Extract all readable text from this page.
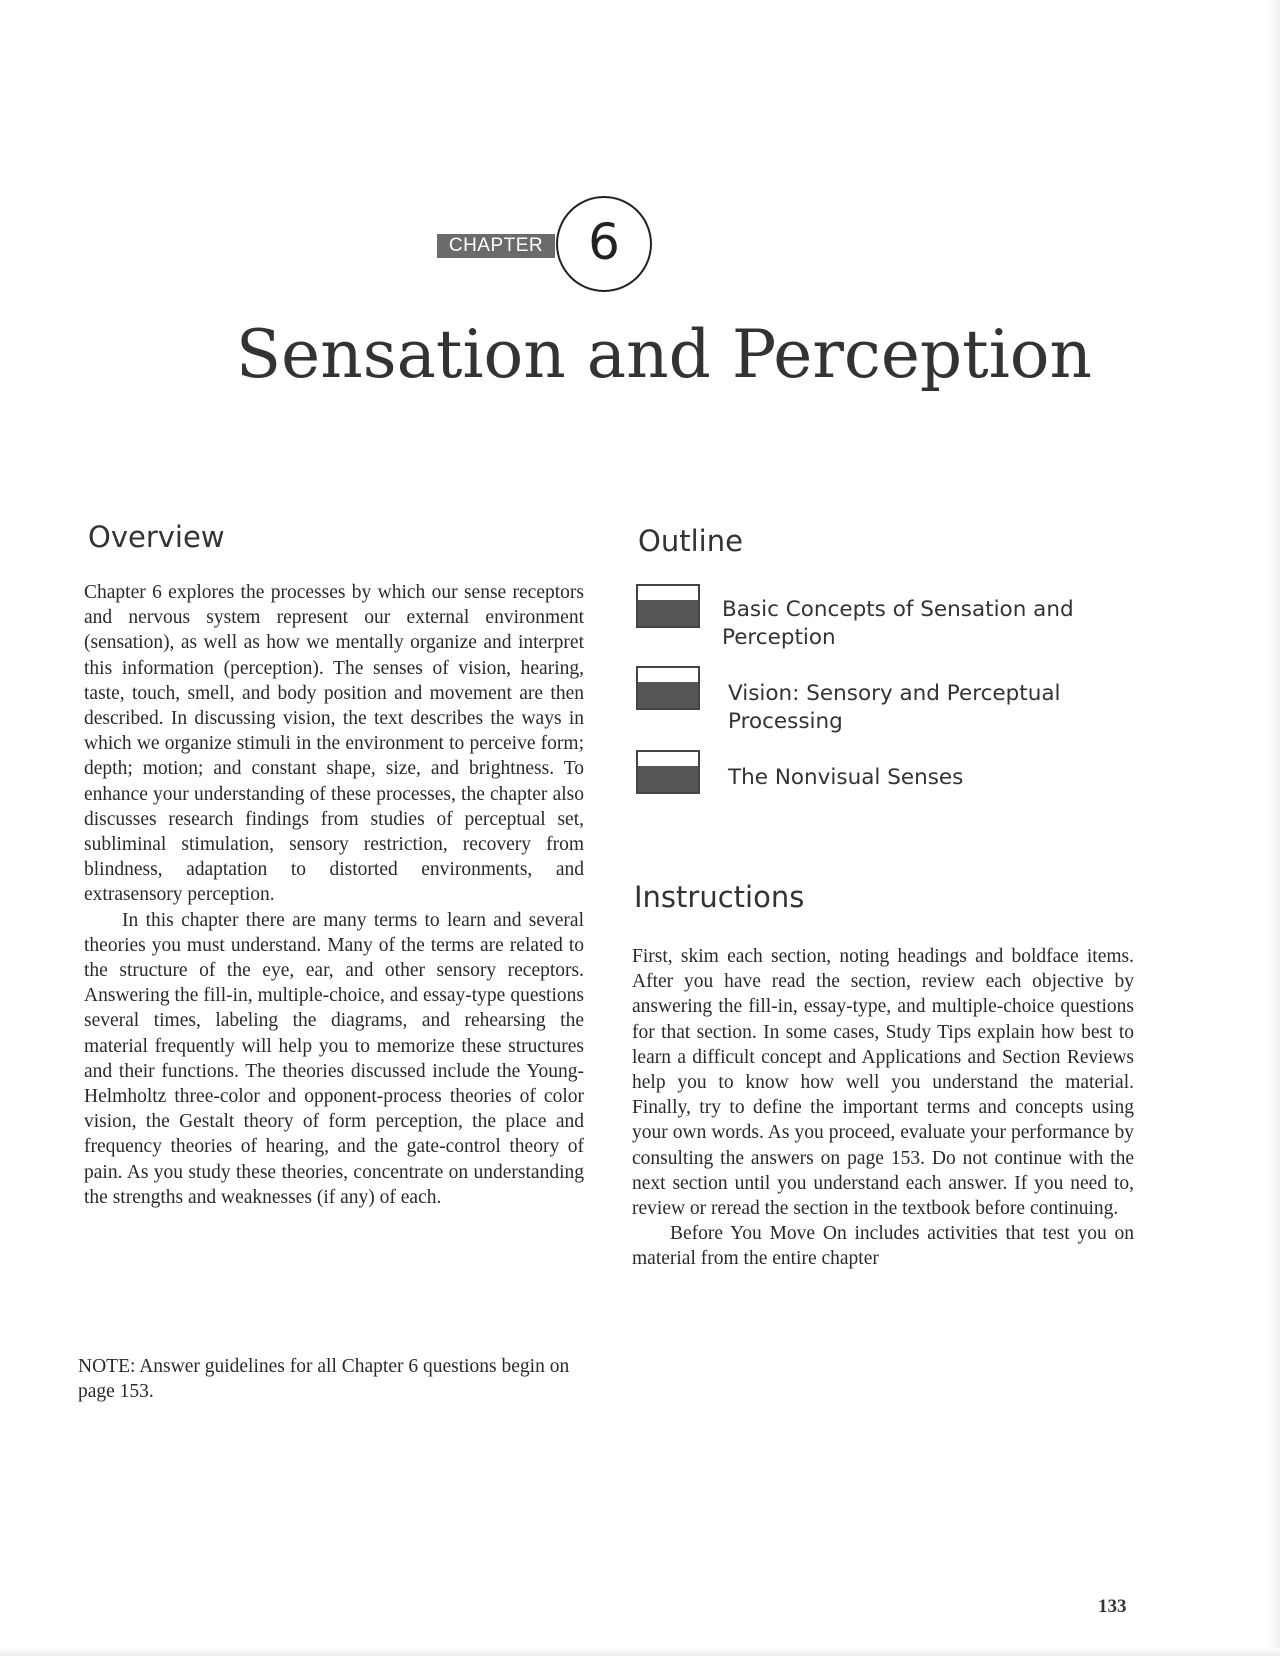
CHAPTER 6
Sensation and Perception
Overview

Chapter 6 explores the processes by which our sense receptors and nervous system represent our external environment (sensation), as well as how we mentally organize and interpret this information (perception). The senses of vision, hearing, taste, touch, smell, and body position and movement are then described. In discussing vision, the text describes the ways in which we organize stimuli in the environment to perceive form; depth; motion; and constant shape, size, and brightness. To enhance your understanding of these processes, the chapter also discusses research findings from studies of perceptual set, subliminal stimulation, sensory restriction, recovery from blindness, adaptation to distorted environments, and extrasensory perception.

In this chapter there are many terms to learn and several theories you must understand. Many of the terms are related to the structure of the eye, ear, and other sensory receptors. Answering the fill-in, multiple-choice, and essay-type questions several times, labeling the diagrams, and rehearsing the material frequently will help you to memorize these structures and their functions. The theories discussed include the Young-Helmholtz three-color and opponent-process theories of color vision, the Gestalt theory of form perception, the place and frequency theories of hearing, and the gate-control theory of pain. As you study these theories, concentrate on understanding the strengths and weaknesses (if any) of each.

NOTE: Answer guidelines for all Chapter 6 questions begin on page 153.

Outline
Basic Concepts of Sensation and Perception
Vision: Sensory and Perceptual Processing
The Nonvisual Senses
Instructions

First, skim each section, noting headings and boldface items. After you have read the section, review each objective by answering the fill-in, essay-type, and multiple-choice questions for that section. In some cases, Study Tips explain how best to learn a difficult concept and Applications and Section Reviews help you to know how well you understand the material. Finally, try to define the important terms and concepts using your own words. As you proceed, evaluate your performance by consulting the answers on page 153. Do not continue with the next section until you understand each answer. If you need to, review or reread the section in the textbook before continuing.

Before You Move On includes activities that test you on material from the entire chapter

133
